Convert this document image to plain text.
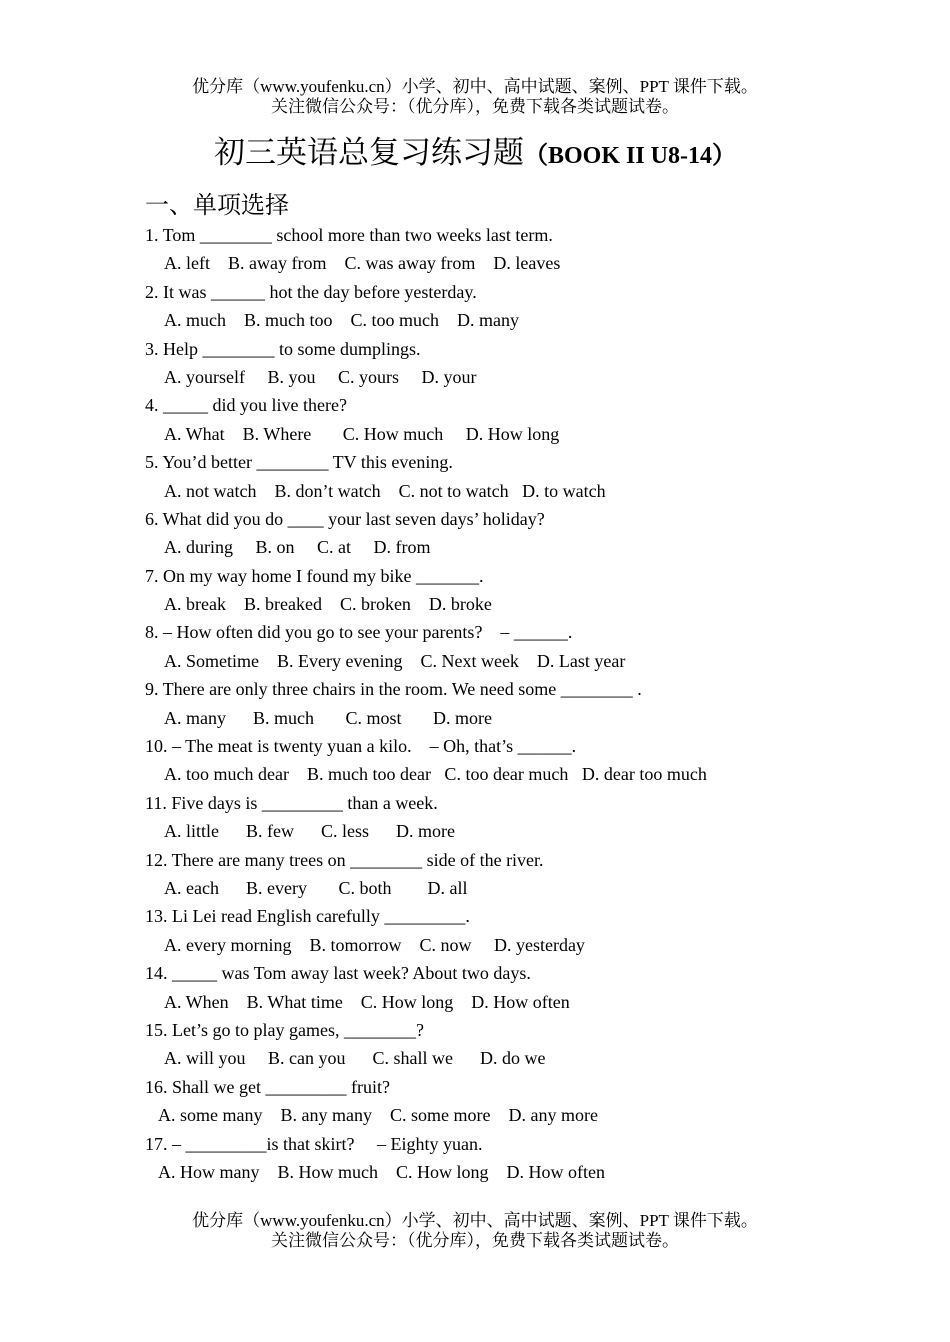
优分库（www.youfenku.cn）小学、初中、高中试题、案例、PPT 课件下载。
关注微信公众号：（优分库），免费下载各类试题试卷。
初三英语总复习练习题（BOOK II U8-14）
一、单项选择
1. Tom ________ school more than two weeks last term.
A. left    B. away from    C. was away from    D. leaves
2. It was ______ hot the day before yesterday.
A. much    B. much too    C. too much    D. many
3. Help ________ to some dumplings.
A. yourself     B. you     C. yours     D. your
4. _____ did you live there?
A. What    B. Where       C. How much     D. How long
5. You’d better ________ TV this evening.
A. not watch    B. don’t watch    C. not to watch   D. to watch
6. What did you do ____ your last seven days’ holiday?
A. during     B. on     C. at     D. from
7. On my way home I found my bike _______.
A. break    B. breaked    C. broken    D. broke
8. – How often did you go to see your parents?    – ______.
A. Sometime    B. Every evening    C. Next week    D. Last year
9. There are only three chairs in the room. We need some ________ .
A. many      B. much       C. most       D. more
10. – The meat is twenty yuan a kilo.    – Oh, that’s ______.
A. too much dear    B. much too dear   C. too dear much   D. dear too much
11. Five days is _________ than a week.
A. little      B. few      C. less      D. more
12. There are many trees on ________ side of the river.
A. each      B. every       C. both        D. all
13. Li Lei read English carefully _________.
A. every morning    B. tomorrow    C. now     D. yesterday
14. _____ was Tom away last week? About two days.
A. When    B. What time    C. How long    D. How often
15. Let’s go to play games, ________?
A. will you     B. can you      C. shall we      D. do we
16. Shall we get _________ fruit?
A. some many    B. any many    C. some more    D. any more
17. – _________is that skirt?     – Eighty yuan.
A. How many    B. How much    C. How long    D. How often
优分库（www.youfenku.cn）小学、初中、高中试题、案例、PPT 课件下载。
关注微信公众号：（优分库），免费下载各类试题试卷。
